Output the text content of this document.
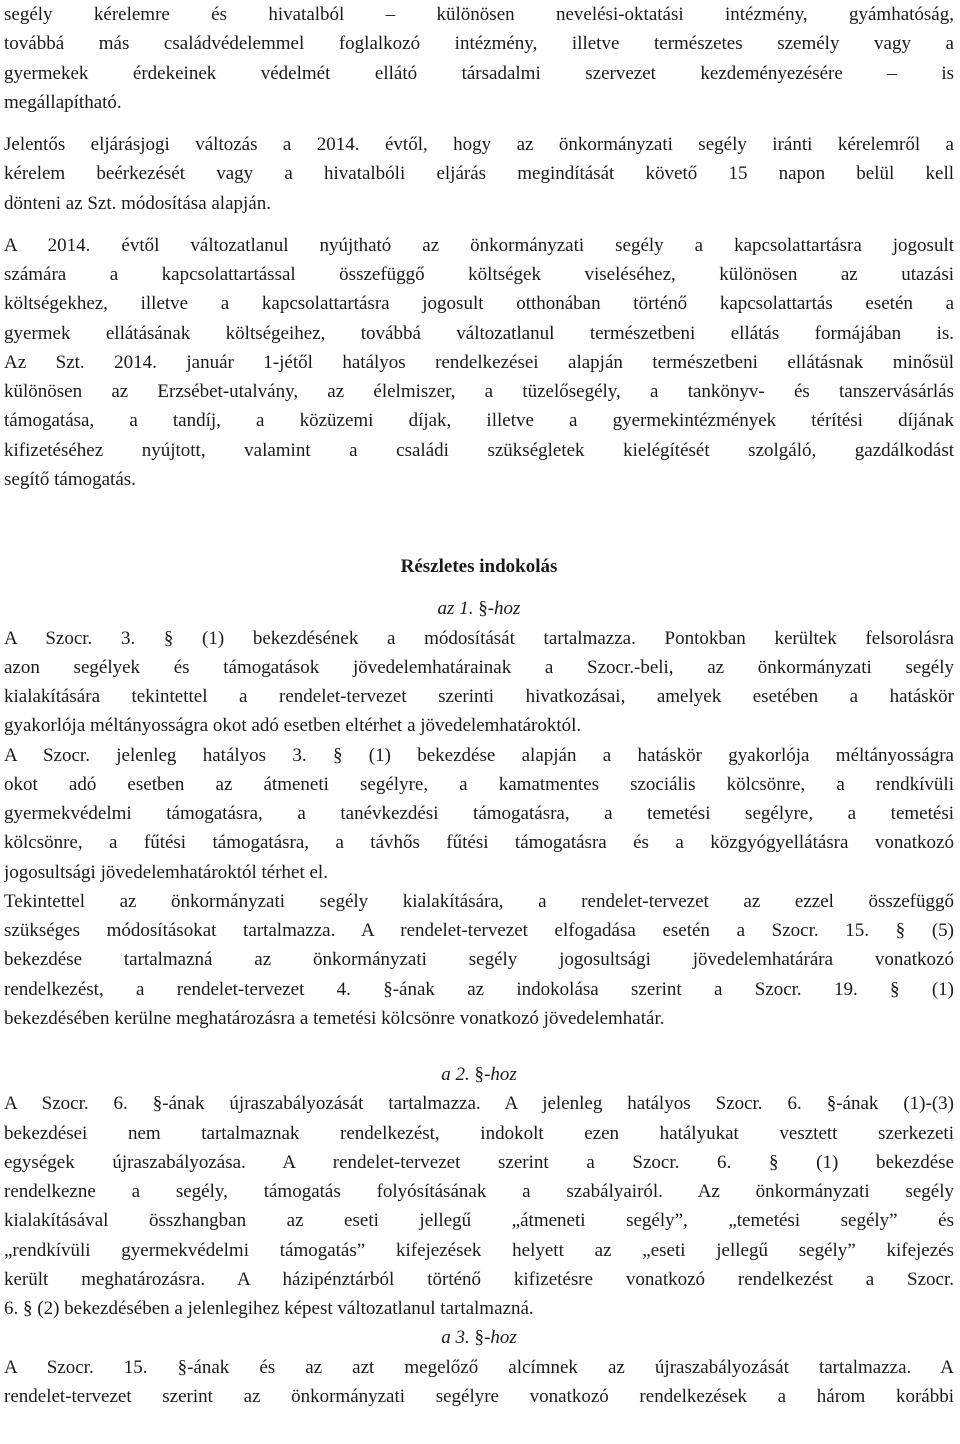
segély kérelemre és hivatalból – különösen nevelési-oktatási intézmény, gyámhatóság,
továbbá más családvédelemmel foglalkozó intézmény, illetve természetes személy vagy a
gyermekek érdekeinek védelmét ellátó társadalmi szervezet kezdeményezésére – is
megállapítható.
Jelentős eljárásjogi változás a 2014. évtől, hogy az önkormányzati segély iránti kérelemről a
kérelem beérkezését vagy a hivatalbóli eljárás megindítását követő 15 napon belül kell
dönteni az Szt. módosítása alapján.
A 2014. évtől változatlanul nyújtható az önkormányzati segély a kapcsolattartásra jogosult
számára a kapcsolattartással összefüggő költségek viseléséhez, különösen az utazási
költségekhez, illetve a kapcsolattartásra jogosult otthonában történő kapcsolattartás esetén a
gyermek ellátásának költségeihez, továbbá változatlanul természetbeni ellátás formájában is.
Az Szt. 2014. január 1-jétől hatályos rendelkezései alapján természetbeni ellátásnak minősül
különösen az Erzsébet-utalvány, az élelmiszer, a tüzelősegély, a tankönyv- és tanszervásárlás
támogatása, a tandíj, a közüzemi díjak, illetve a gyermekintézmények térítési díjának
kifizetéséhez nyújtott, valamint a családi szükségletek kielégítését szolgáló, gazdálkodást
segítő támogatás.
Részletes indokolás
az 1. §-hoz
A Szocr. 3. § (1) bekezdésének a módosítását tartalmazza. Pontokban kerültek felsorolásra
azon segélyek és támogatások jövedelemhatárainak a Szocr.-beli, az önkormányzati segély
kialakítására tekintettel a rendelet-tervezet szerinti hivatkozásai, amelyek esetében a hatáskör
gyakorlója méltányosságra okot adó esetben eltérhet a jövedelemhatároktól.
A Szocr. jelenleg hatályos 3. § (1) bekezdése alapján a hatáskör gyakorlója méltányosságra
okot adó esetben az átmeneti segélyre, a kamatmentes szociális kölcsönre, a rendkívüli
gyermekvédelmi támogatásra, a tanévkezdési támogatásra, a temetési segélyre, a temetési
kölcsönre, a fűtési támogatásra, a távhős fűtési támogatásra és a közgyógyellátásra vonatkozó
jogosultsági jövedelemhatároktól térhet el.
Tekintettel az önkormányzati segély kialakítására, a rendelet-tervezet az ezzel összefüggő
szükséges módosításokat tartalmazza. A rendelet-tervezet elfogadása esetén a Szocr. 15. § (5)
bekezdése tartalmazná az önkormányzati segély jogosultsági jövedelemhatárára vonatkozó
rendelkezést, a rendelet-tervezet 4. §-ának az indokolása szerint a Szocr. 19. § (1)
bekezdésében kerülne meghatározásra a temetési kölcsönre vonatkozó jövedelemhatár.
a 2. §-hoz
A Szocr. 6. §-ának újraszabályozását tartalmazza. A jelenleg hatályos Szocr. 6. §-ának (1)-(3)
bekezdései nem tartalmaznak rendelkezést, indokolt ezen hatályukat vesztett szerkezeti
egységek újraszabályozása. A rendelet-tervezet szerint a Szocr. 6. § (1) bekezdése
rendelkezne a segély, támogatás folyósításának a szabályairól. Az önkormányzati segély
kialakításával összhangban az eseti jellegű „átmeneti segély”, „temetési segély” és
„rendkívüli gyermekvédelmi támogatás” kifejezések helyett az „eseti jellegű segély” kifejezés
került meghatározásra. A házipénztárból történő kifizetésre vonatkozó rendelkezést a Szocr.
6. § (2) bekezdésében a jelenlegihez képest változatlanul tartalmazná.
a 3. §-hoz
A Szocr. 15. §-ának és az azt megelőző alcímnek az újraszabályozását tartalmazza. A
rendelet-tervezet szerint az önkormányzati segélyre vonatkozó rendelkezések a három korábbi
